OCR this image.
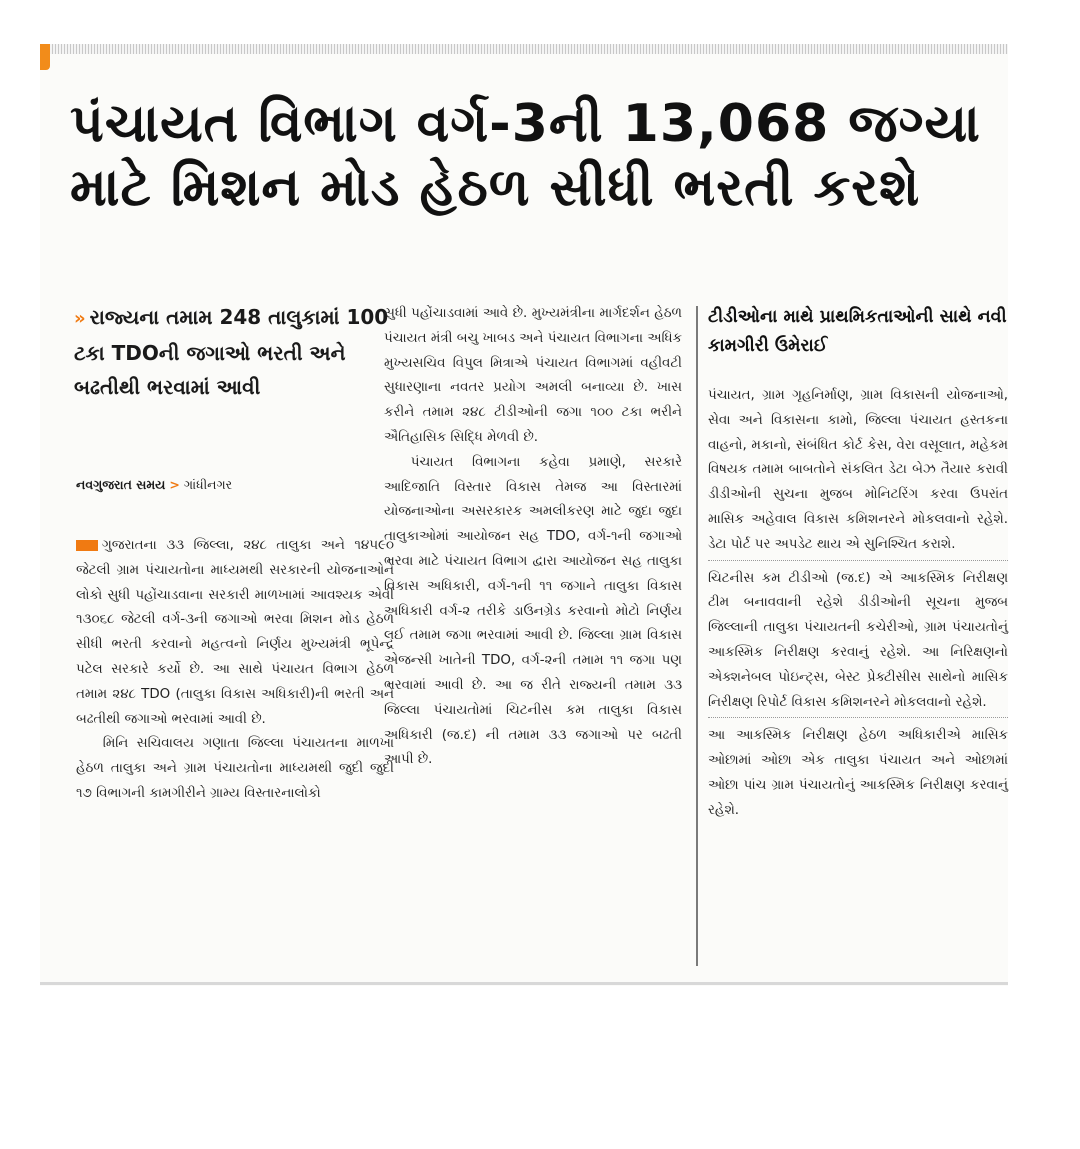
પંચાયત વિભાગ વર્ગ-3ની 13,068 જગ્યા
માટે મિશન મોડ હેઠળ સીધી ભરતી કરશે
» રાજ્યના તમામ 248 તાલુકામાં 100 ટકા TDOની જગાઓ ભરતી અને બઢતીથી ભરવામાં આવી
નવગુજરાત સમય > ગાંધીનગર

ગુજરાતના ૩૩ જિલ્લા, ૨૪૮ તાલુકા અને ૧૪૫૯૦ જેટલી ગ્રામ પંચાયતોના માધ્યમથી સરકારની યોજનાઓને લોકો સુધી પહોંચાડવાના સરકારી માળખામાં આવશ્યક એવી ૧૩૦૬૮ જેટલી વર્ગ-૩ની જગાઓ ભરવા મિશન મોડ હેઠળ સીધી ભરતી કરવાનો મહત્વનો નિર્ણય મુખ્યમંત્રી ભૂપેન્દ્ર પટેલ સરકારે કર્યો છે. આ સાથે પંચાયત વિભાગ હેઠળ તમામ ૨૪૮ TDO (તાલુકા વિકાસ અધિકારી)ની ભરતી અને બઢતીથી જગાઓ ભરવામાં આવી છે.

મિનિ સચિવાલય ગણાતા જિલ્લા પંચાયતના માળખા હેઠળ તાલુકા અને ગ્રામ પંચાયતોના માધ્યમથી જુદી જુદી ૧૭ વિભાગની કામગીરીને ગ્રામ્ય વિસ્તારનાલોકો

સુધી પહોંચાડવામાં આવે છે. મુખ્યમંત્રીના માર્ગદર્શન હેઠળ પંચાયત મંત્રી બચુ ખાબડ અને પંચાયત વિભાગના અધિક મુખ્યસચિવ વિપુલ મિત્રાએ પંચાયત વિભાગમાં વહીવટી સુધારણાના નવતર પ્રયોગ અમલી બનાવ્યા છે. ખાસ કરીને તમામ ૨૪૮ ટીડીઓની જગા ૧૦૦ ટકા ભરીને ઐતિહાસિક સિદ્ધિ મેળવી છે.

પંચાયત વિભાગના કહેવા પ્રમાણે, સરકારે આદિજાતિ વિસ્તાર વિકાસ તેમજ આ વિસ્તારમાં યોજનાઓના અસરકારક અમલીકરણ માટે જુદા જુદા તાલુકાઓમાં આયોજન સહ TDO, વર્ગ-૧ની જગાઓ ભરવા માટે પંચાયત વિભાગ દ્વારા આયોજન સહ તાલુકા વિકાસ અધિકારી, વર્ગ-૧ની ૧૧ જગાને તાલુકા વિકાસ અધિકારી વર્ગ-૨ તરીકે ડાઉનગ્રેડ કરવાનો મોટો નિર્ણય લઈ તમામ જગા ભરવામાં આવી છે. જિલ્લા ગ્રામ વિકાસ એજન્સી ખાતેની TDO, વર્ગ-૨ની તમામ ૧૧ જગા પણ ભરવામાં આવી છે. આ જ રીતે રાજ્યની તમામ ૩૩ જિલ્લા પંચાયતોમાં ચિટનીસ કમ તાલુકા વિકાસ અધિકારી (જ.દ) ની તમામ ૩૩ જગાઓ પર બઢતી આપી છે.

ટીડીઓના માથે પ્રાથમિકતાઓની સાથે નવી કામગીરી ઉમેરાઈ

પંચાયત, ગ્રામ ગૃહનિર્માણ, ગ્રામ વિકાસની યોજનાઓ, સેવા અને વિકાસના કામો, જિલ્લા પંચાયત હસ્તકના વાહનો, મકાનો, સંબંધિત કોર્ટ કેસ, વેરા વસૂલાત, મહેકમ વિષયક તમામ બાબતોને સંકલિત ડેટા બેઝ તૈયાર કરાવી ડીડીઓની સુચના મુજબ મોનિટરિંગ કરવા ઉપરાંત માસિક અહેવાલ વિકાસ કમિશનરને મોકલવાનો રહેશે. ડેટા પોર્ટ પર અપડેટ થાય એ સુનિશ્ચિત કરાશે.

ચિટનીસ કમ ટીડીઓ (જ.દ) એ આકસ્મિક નિરીક્ષણ ટીમ બનાવવાની રહેશે ડીડીઓની સૂચના મુજબ જિલ્લાની તાલુકા પંચાયતની કચેરીઓ, ગ્રામ પંચાયતોનું આકસ્મિક નિરીક્ષણ કરવાનું રહેશે. આ નિરિક્ષણનો એક્શનેબલ પોઇન્ટ્સ, બેસ્ટ પ્રેક્ટીસીસ સાથેનો માસિક નિરીક્ષણ રિપોર્ટ વિકાસ કમિશનરને મોકલવાનો રહેશે.

આ આકસ્મિક નિરીક્ષણ હેઠળ અધિકારીએ માસિક ઓછામાં ઓછા એક તાલુકા પંચાયત અને ઓછામાં ઓછા પાંચ ગ્રામ પંચાયતોનું આકસ્મિક નિરીક્ષણ કરવાનું રહેશે.
